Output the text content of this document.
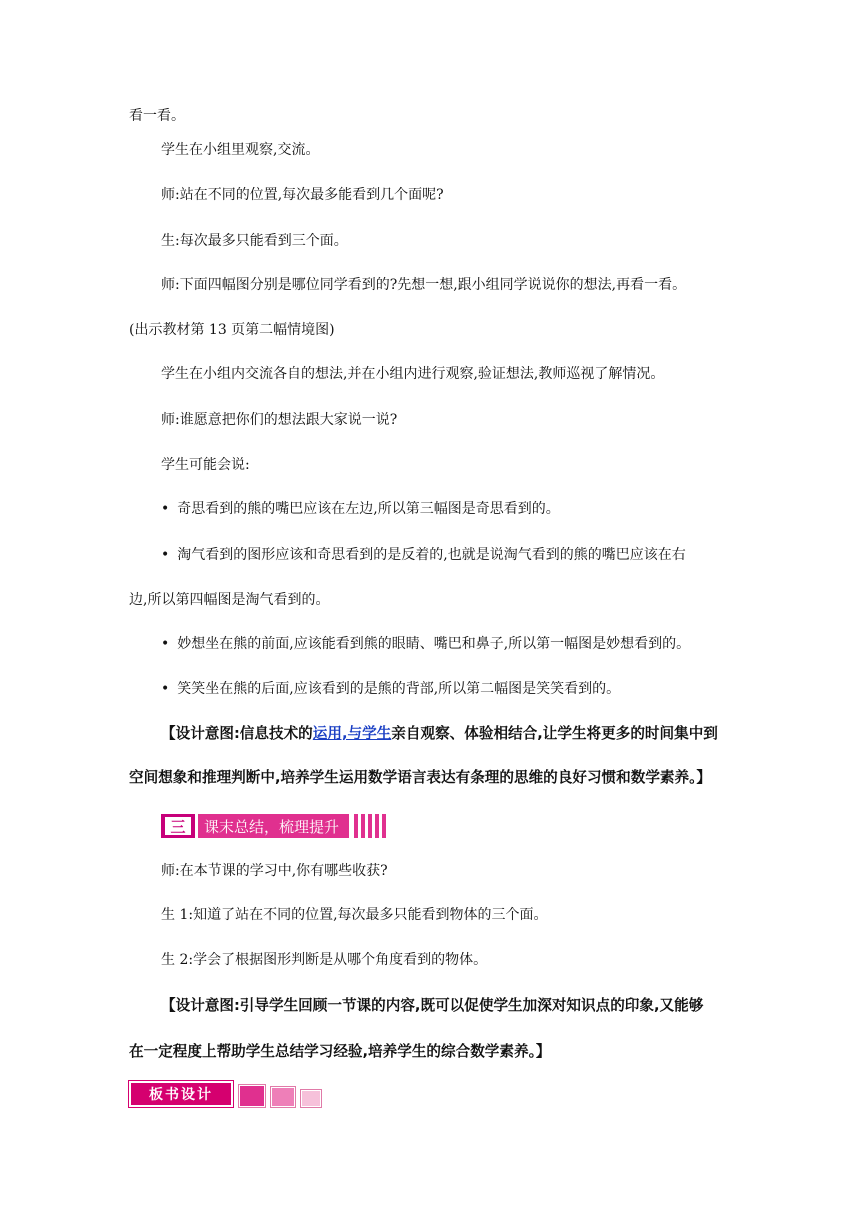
看一看。
学生在小组里观察,交流。
师:站在不同的位置,每次最多能看到几个面呢?
生:每次最多只能看到三个面。
师:下面四幅图分别是哪位同学看到的?先想一想,跟小组同学说说你的想法,再看一看。
(出示教材第 13 页第二幅情境图)
学生在小组内交流各自的想法,并在小组内进行观察,验证想法,教师巡视了解情况。
师:谁愿意把你们的想法跟大家说一说?
学生可能会说:
• 奇思看到的熊的嘴巴应该在左边,所以第三幅图是奇思看到的。
• 淘气看到的图形应该和奇思看到的是反着的,也就是说淘气看到的熊的嘴巴应该在右
边,所以第四幅图是淘气看到的。
• 妙想坐在熊的前面,应该能看到熊的眼睛、嘴巴和鼻子,所以第一幅图是妙想看到的。
• 笑笑坐在熊的后面,应该看到的是熊的背部,所以第二幅图是笑笑看到的。
【设计意图:信息技术的运用,与学生亲自观察、体验相结合,让学生将更多的时间集中到
空间想象和推理判断中,培养学生运用数学语言表达有条理的思维的良好习惯和数学素养。】
三	课末总结，梳理提升
师:在本节课的学习中,你有哪些收获?
生 1:知道了站在不同的位置,每次最多只能看到物体的三个面。
生 2:学会了根据图形判断是从哪个角度看到的物体。
【设计意图:引导学生回顾一节课的内容,既可以促使学生加深对知识点的印象,又能够
在一定程度上帮助学生总结学习经验,培养学生的综合数学素养。】
板书设计
